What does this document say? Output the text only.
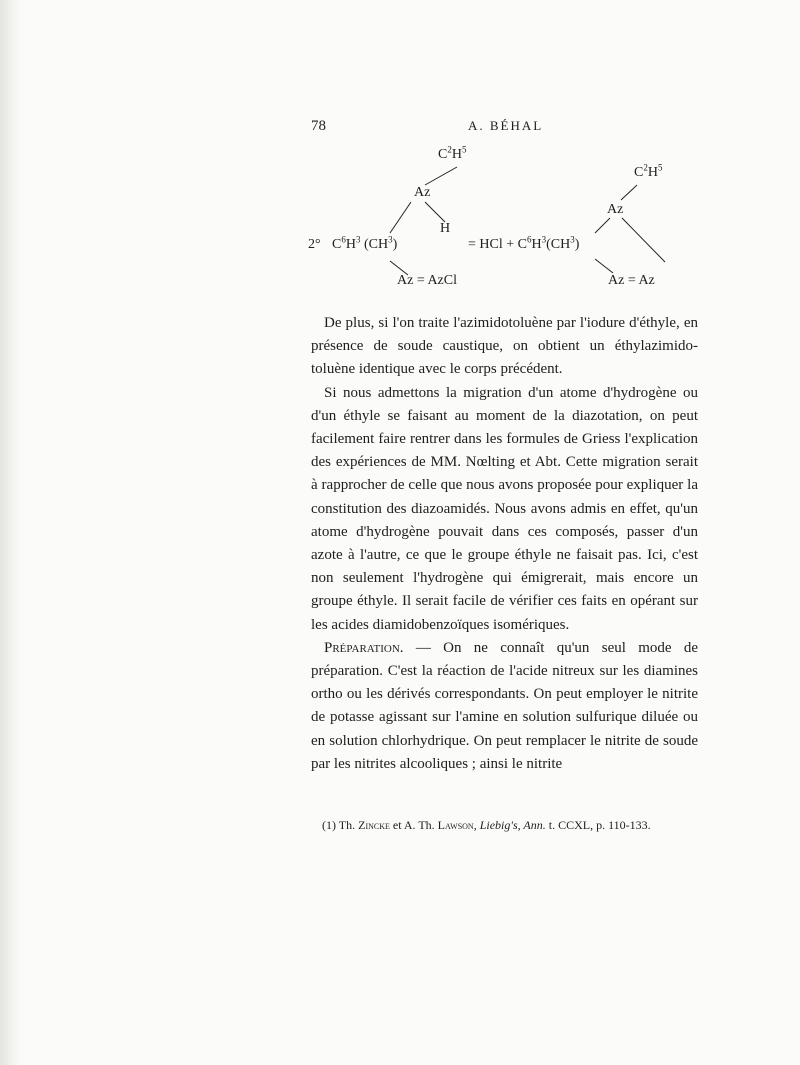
78	A. BÉHAL
$C^2H^5$
Az
H
2° $C^6H^3$ $(CH^3)$	= HCl + $C^6H^3(CH^3)$
Az = AzCl
$C^2H^5$
Az
Az = Az

De plus, si l'on traite l'azimidotoluène par l'iodure d'éthyle, en présence de soude caustique, on obtient un éthylazimido-toluène identique avec le corps précédent.

Si nous admettons la migration d'un atome d'hydrogène ou d'un éthyle se faisant au moment de la diazotation, on peut facilement faire rentrer dans les formules de Griess l'explication des expériences de MM. Nœlting et Abt. Cette migration serait à rapprocher de celle que nous avons proposée pour expliquer la constitution des diazoamidés. Nous avons admis en effet, qu'un atome d'hydrogène pouvait dans ces composés, passer d'un azote à l'autre, ce que le groupe éthyle ne faisait pas. Ici, c'est non seulement l'hydrogène qui émigrerait, mais encore un groupe éthyle. Il serait facile de vérifier ces faits en opérant sur les acides diamidobenzoïques isomériques.

Préparation. — On ne connaît qu'un seul mode de préparation. C'est la réaction de l'acide nitreux sur les diamines ortho ou les dérivés correspondants. On peut employer le nitrite de potasse agissant sur l'amine en solution sulfurique diluée ou en solution chlorhydrique. On peut remplacer le nitrite de soude par les nitrites alcooliques ; ainsi le nitrite

(1) Th. Zincke et A. Th. Lawson, Liebig's, Ann. t. CCXL, p. 110-133.
